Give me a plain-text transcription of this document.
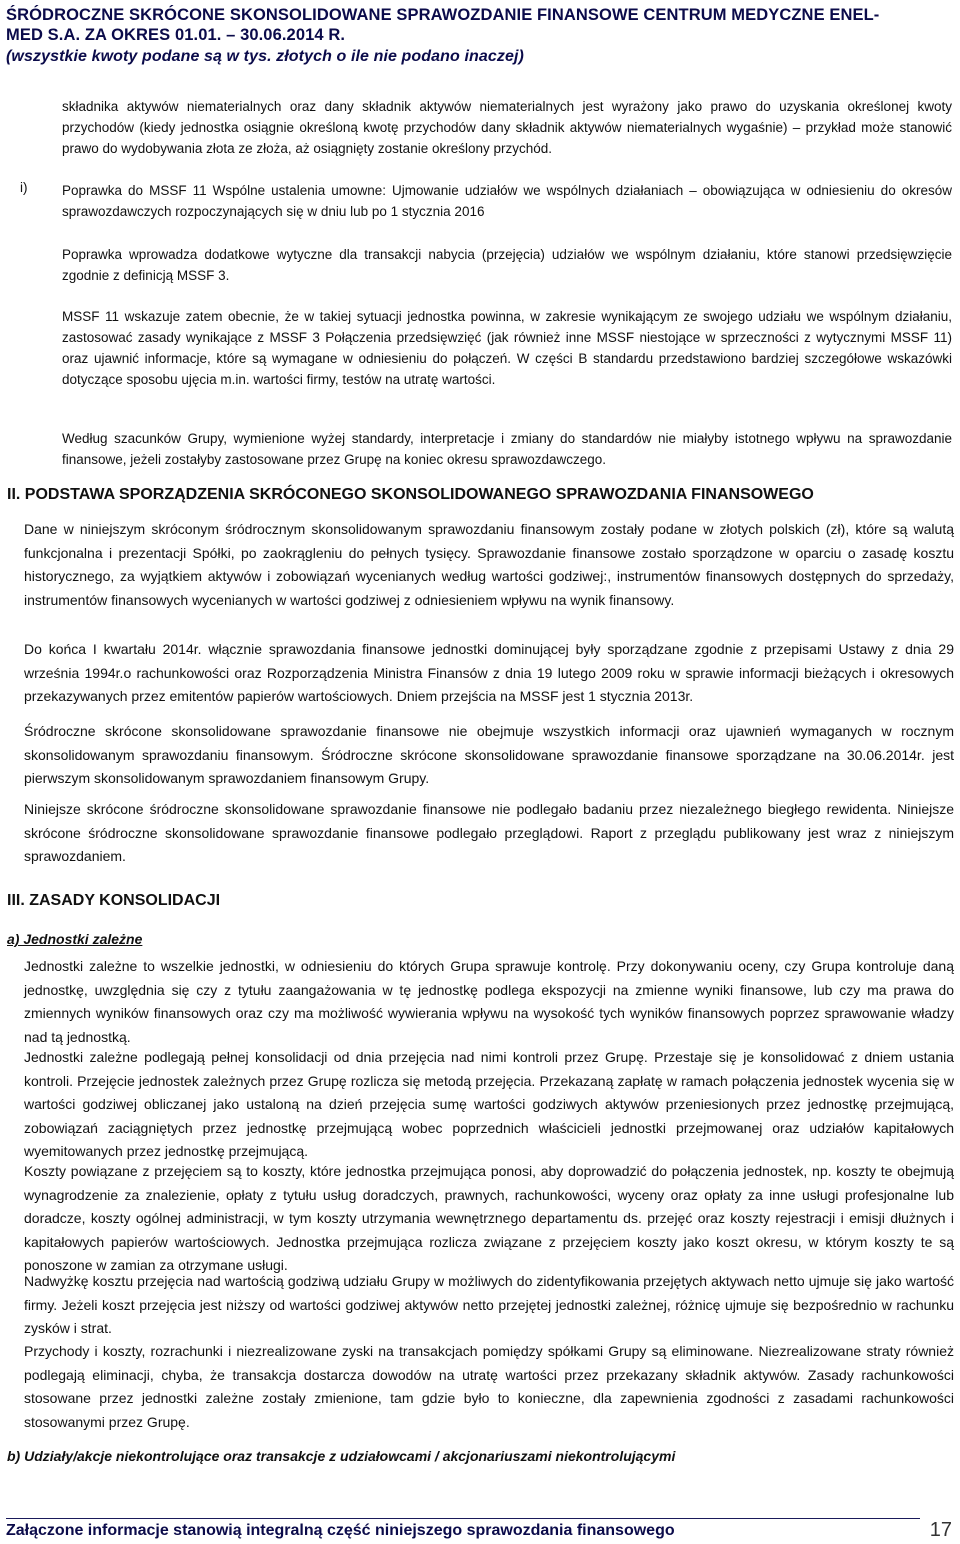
ŚRÓDROCZNE SKRÓCONE SKONSOLIDOWANE SPRAWOZDANIE FINANSOWE CENTRUM MEDYCZNE ENEL-
MED S.A. ZA OKRES 01.01. – 30.06.2014 R.
(wszystkie kwoty podane są w tys. złotych o ile nie podano inaczej)

składnika aktywów niematerialnych oraz dany składnik aktywów niematerialnych jest wyrażony jako prawo do uzyskania określonej kwoty przychodów (kiedy jednostka osiągnie określoną kwotę przychodów dany składnik aktywów niematerialnych wygaśnie) – przykład może stanowić prawo do wydobywania złota ze złoża, aż osiągnięty zostanie określony przychód.

i)	Poprawka do MSSF 11 Wspólne ustalenia umowne: Ujmowanie udziałów we wspólnych działaniach – obowiązująca w odniesieniu do okresów sprawozdawczych rozpoczynających się w dniu lub po 1 stycznia 2016

Poprawka wprowadza dodatkowe wytyczne dla transakcji nabycia (przejęcia) udziałów we wspólnym działaniu, które stanowi przedsięwzięcie zgodnie z definicją MSSF 3.

MSSF 11 wskazuje zatem obecnie, że w takiej sytuacji jednostka powinna, w zakresie wynikającym ze swojego udziału we wspólnym działaniu, zastosować zasady wynikające z MSSF 3 Połączenia przedsięwzięć (jak również inne MSSF niestojące w sprzeczności z wytycznymi MSSF 11) oraz ujawnić informacje, które są wymagane w odniesieniu do połączeń. W części B standardu przedstawiono bardziej szczegółowe wskazówki dotyczące sposobu ujęcia m.in. wartości firmy, testów na utratę wartości.

Według szacunków Grupy, wymienione wyżej standardy, interpretacje i zmiany do standardów nie miałyby istotnego wpływu na sprawozdanie finansowe, jeżeli zostałyby zastosowane przez Grupę na koniec okresu sprawozdawczego.

II. PODSTAWA SPORZĄDZENIA SKRÓCONEGO SKONSOLIDOWANEGO SPRAWOZDANIA FINANSOWEGO

Dane w niniejszym skróconym śródrocznym skonsolidowanym sprawozdaniu finansowym zostały podane w złotych polskich (zł), które są walutą funkcjonalna i prezentacji Spółki, po zaokrągleniu do pełnych tysięcy. Sprawozdanie finansowe zostało sporządzone w oparciu o zasadę kosztu historycznego, za wyjątkiem aktywów i zobowiązań wycenianych według wartości godziwej:, instrumentów finansowych dostępnych do sprzedaży, instrumentów finansowych wycenianych w wartości godziwej z odniesieniem wpływu na wynik finansowy.

Do końca I kwartału 2014r. włącznie sprawozdania finansowe jednostki dominującej były sporządzane zgodnie z przepisami Ustawy z dnia 29 września 1994r.o rachunkowości oraz Rozporządzenia Ministra Finansów z dnia 19 lutego 2009 roku w sprawie informacji bieżących i okresowych przekazywanych przez emitentów papierów wartościowych. Dniem przejścia na MSSF jest 1 stycznia 2013r.

Śródroczne skrócone skonsolidowane sprawozdanie finansowe nie obejmuje wszystkich informacji oraz ujawnień wymaganych w rocznym skonsolidowanym sprawozdaniu finansowym. Śródroczne skrócone skonsolidowane sprawozdanie finansowe sporządzane na 30.06.2014r. jest pierwszym skonsolidowanym sprawozdaniem finansowym Grupy.

Niniejsze skrócone śródroczne skonsolidowane sprawozdanie finansowe nie podlegało badaniu przez niezależnego biegłego rewidenta. Niniejsze skrócone śródroczne skonsolidowane sprawozdanie finansowe podlegało przeglądowi. Raport z przeglądu publikowany jest wraz z niniejszym sprawozdaniem.

III. ZASADY KONSOLIDACJI
a) Jednostki zależne

Jednostki zależne to wszelkie jednostki, w odniesieniu do których Grupa sprawuje kontrolę. Przy dokonywaniu oceny, czy Grupa kontroluje daną jednostkę, uwzględnia się czy z tytułu zaangażowania w tę jednostkę podlega ekspozycji na zmienne wyniki finansowe, lub czy ma prawa do zmiennych wyników finansowych oraz czy ma możliwość wywierania wpływu na wysokość tych wyników finansowych poprzez sprawowanie władzy nad tą jednostką.

Jednostki zależne podlegają pełnej konsolidacji od dnia przejęcia nad nimi kontroli przez Grupę. Przestaje się je konsolidować z dniem ustania kontroli. Przejęcie jednostek zależnych przez Grupę rozlicza się metodą przejęcia. Przekazaną zapłatę w ramach połączenia jednostek wycenia się w wartości godziwej obliczanej jako ustaloną na dzień przejęcia sumę wartości godziwych aktywów przeniesionych przez jednostkę przejmującą, zobowiązań zaciągniętych przez jednostkę przejmującą wobec poprzednich właścicieli jednostki przejmowanej oraz udziałów kapitałowych wyemitowanych przez jednostkę przejmującą.

Koszty powiązane z przejęciem są to koszty, które jednostka przejmująca ponosi, aby doprowadzić do połączenia jednostek, np. koszty te obejmują wynagrodzenie za znalezienie, opłaty z tytułu usług doradczych, prawnych, rachunkowości, wyceny oraz opłaty za inne usługi profesjonalne lub doradcze, koszty ogólnej administracji, w tym koszty utrzymania wewnętrznego departamentu ds. przejęć oraz koszty rejestracji i emisji dłużnych i kapitałowych papierów wartościowych. Jednostka przejmująca rozlicza związane z przejęciem koszty jako koszt okresu, w którym koszty te są ponoszone w zamian za otrzymane usługi.

Nadwyżkę kosztu przejęcia nad wartością godziwą udziału Grupy w możliwych do zidentyfikowania przejętych aktywach netto ujmuje się jako wartość firmy. Jeżeli koszt przejęcia jest niższy od wartości godziwej aktywów netto przejętej jednostki zależnej, różnicę ujmuje się bezpośrednio w rachunku zysków i strat.

Przychody i koszty, rozrachunki i niezrealizowane zyski na transakcjach pomiędzy spółkami Grupy są eliminowane. Niezrealizowane straty również podlegają eliminacji, chyba, że transakcja dostarcza dowodów na utratę wartości przez przekazany składnik aktywów. Zasady rachunkowości stosowane przez jednostki zależne zostały zmienione, tam gdzie było to konieczne, dla zapewnienia zgodności z zasadami rachunkowości stosowanymi przez Grupę.

b) Udziały/akcje niekontrolujące oraz transakcje z udziałowcami / akcjonariuszami niekontrolującymi
Załączone informacje stanowią integralną część niniejszego sprawozdania finansowego	17
